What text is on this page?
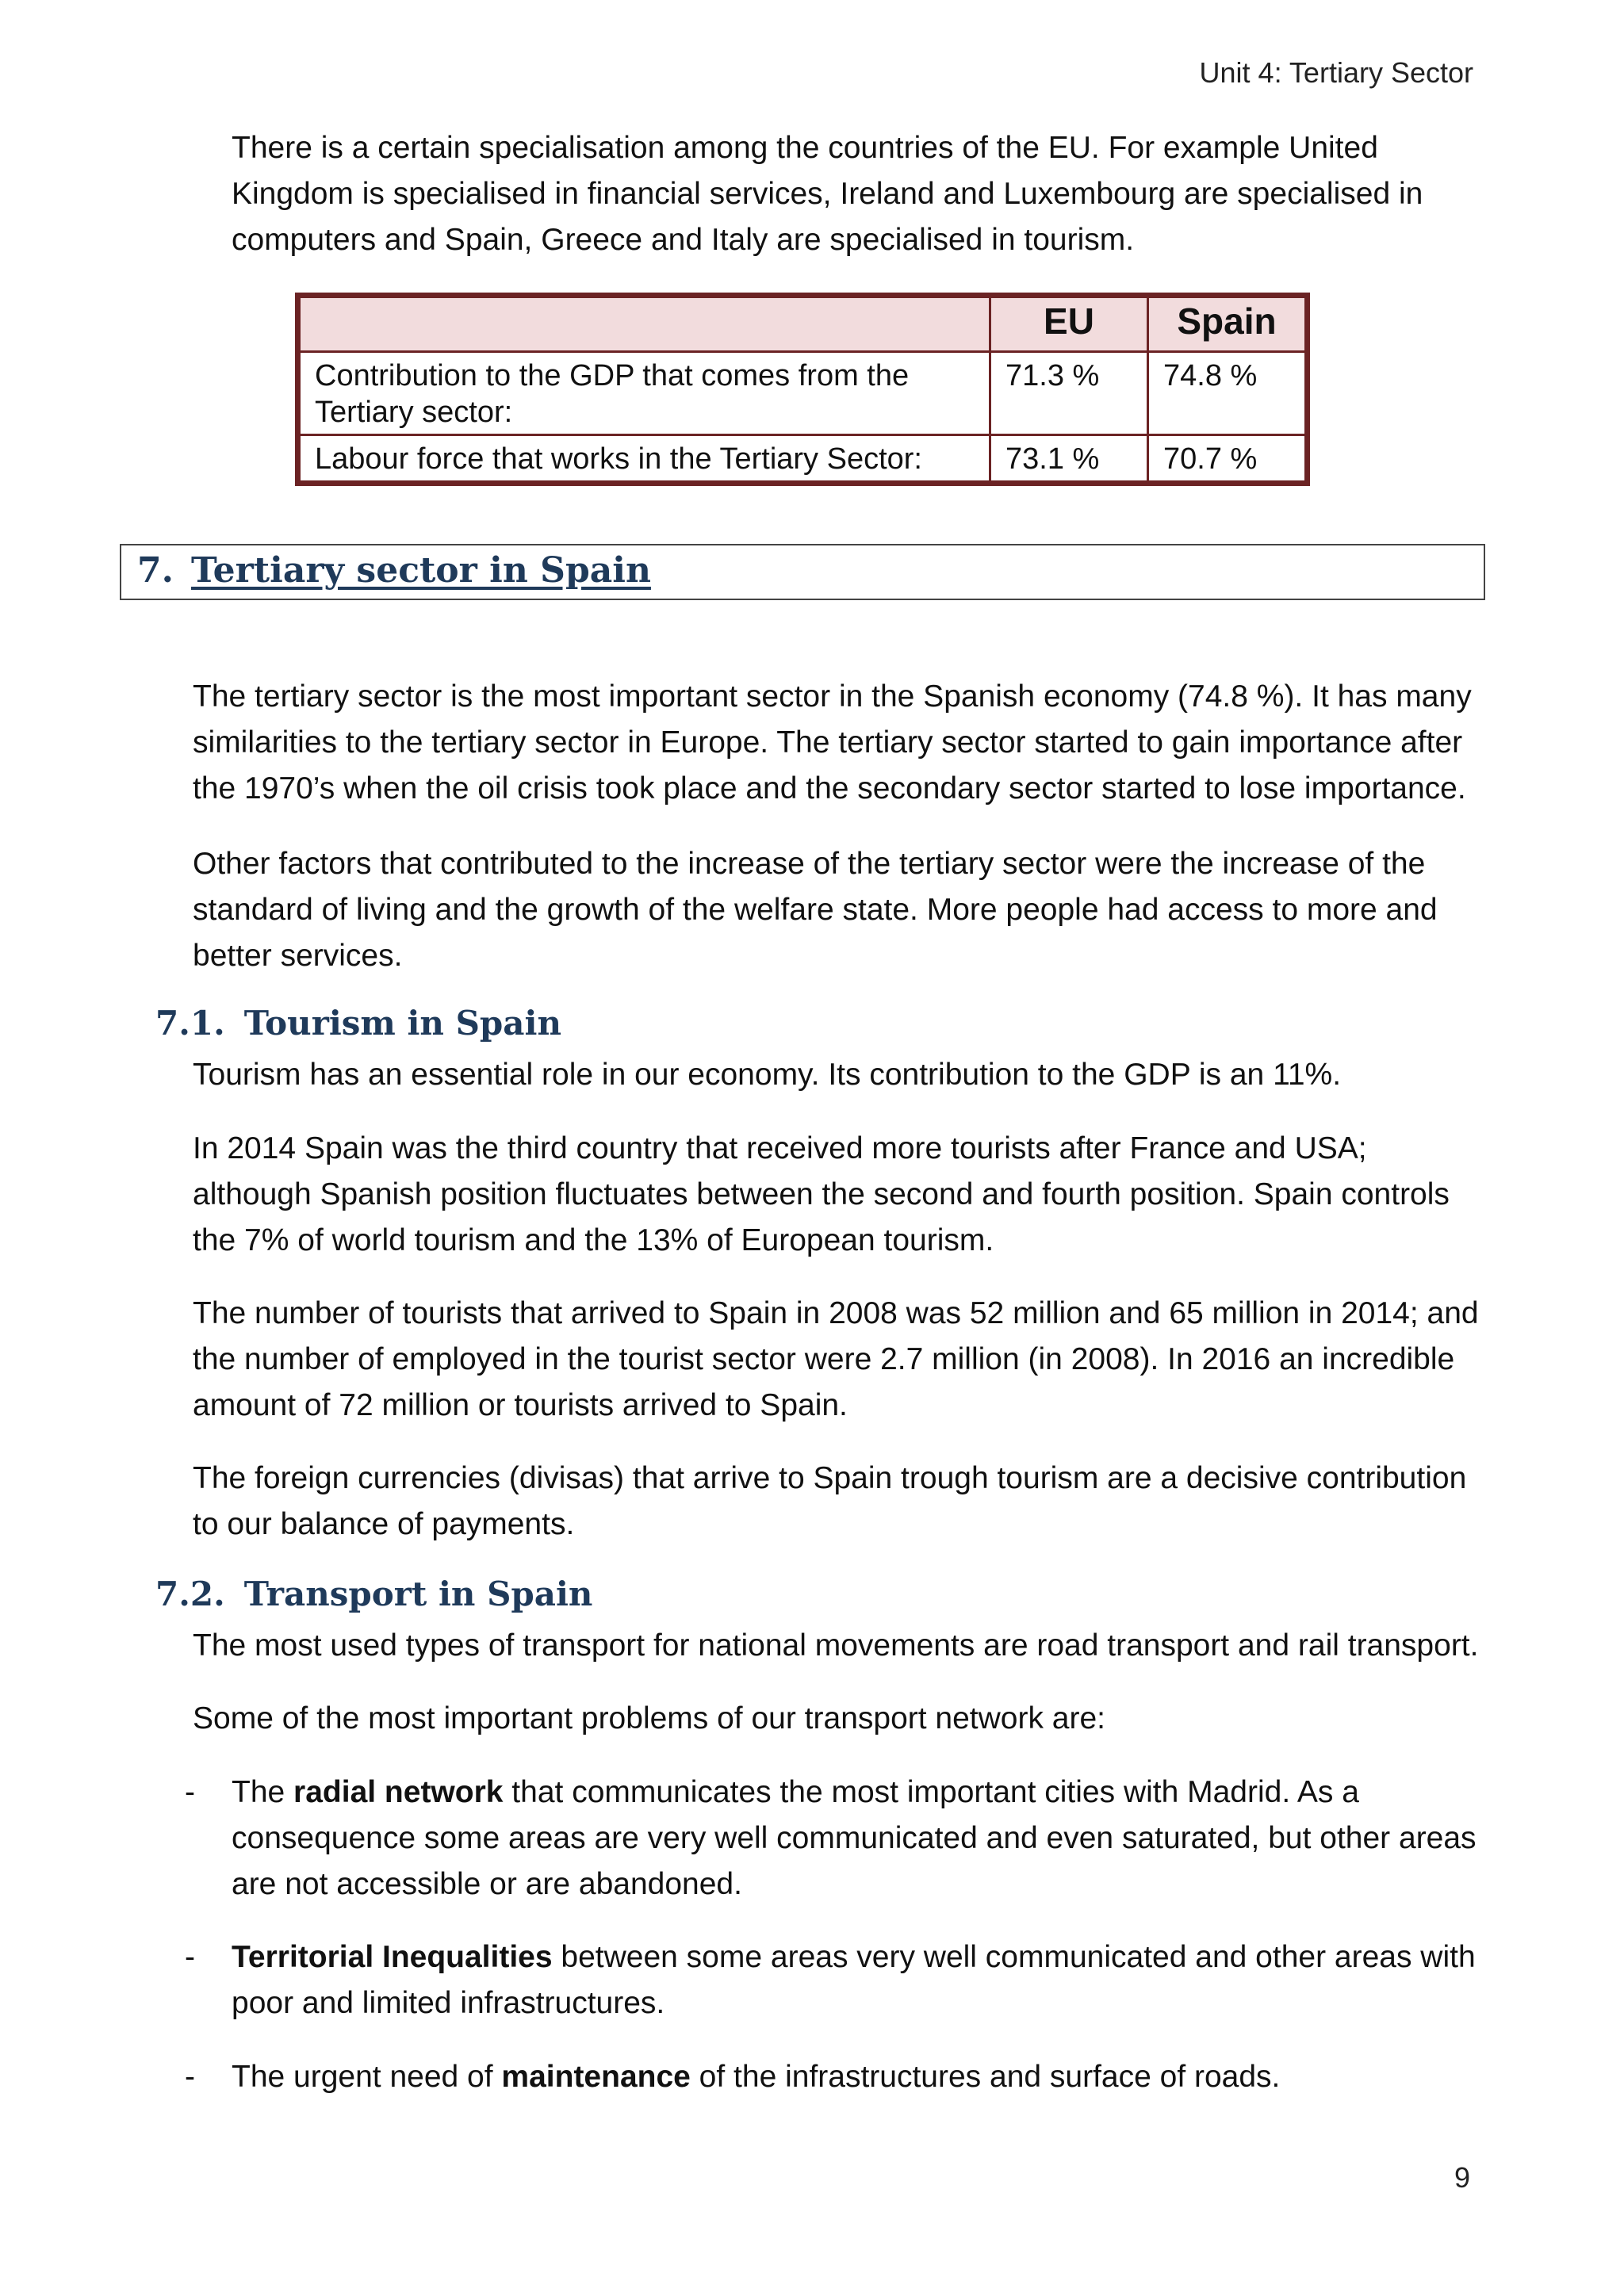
Unit 4: Tertiary Sector

There is a certain specialisation among the countries of the EU. For example United Kingdom is specialised in financial services, Ireland and Luxembourg are specialised in computers and Spain, Greece and Italy are specialised in tourism.

	EU	Spain
Contribution to the GDP that comes from the Tertiary sector:	71.3 %	74.8 %
Labour force that works in the Tertiary Sector:	73.1 %	70.7 %
7. Tertiary sector in Spain

The tertiary sector is the most important sector in the Spanish economy (74.8 %). It has many similarities to the tertiary sector in Europe. The tertiary sector started to gain importance after the 1970’s when the oil crisis took place and the secondary sector started to lose importance.

Other factors that contributed to the increase of the tertiary sector were the increase of the standard of living and the growth of the welfare state. More people had access to more and better services.

7.1. Tourism in Spain

Tourism has an essential role in our economy. Its contribution to the GDP is an 11%.

In 2014 Spain was the third country that received more tourists after France and USA; although Spanish position fluctuates between the second and fourth position. Spain controls the 7% of world tourism and the 13% of European tourism.

The number of tourists that arrived to Spain in 2008 was 52 million and 65 million in 2014; and the number of employed in the tourist sector were 2.7 million (in 2008). In 2016 an incredible amount of 72 million or tourists arrived to Spain.

The foreign currencies (divisas) that arrive to Spain trough tourism are a decisive contribution to our balance of payments.

7.2. Transport in Spain

The most used types of transport for national movements are road transport and rail transport.

Some of the most important problems of our transport network are:

- The radial network that communicates the most important cities with Madrid. As a consequence some areas are very well communicated and even saturated, but other areas are not accessible or are abandoned.

- Territorial Inequalities between some areas very well communicated and other areas with poor and limited infrastructures.

- The urgent need of maintenance of the infrastructures and surface of roads.

9
